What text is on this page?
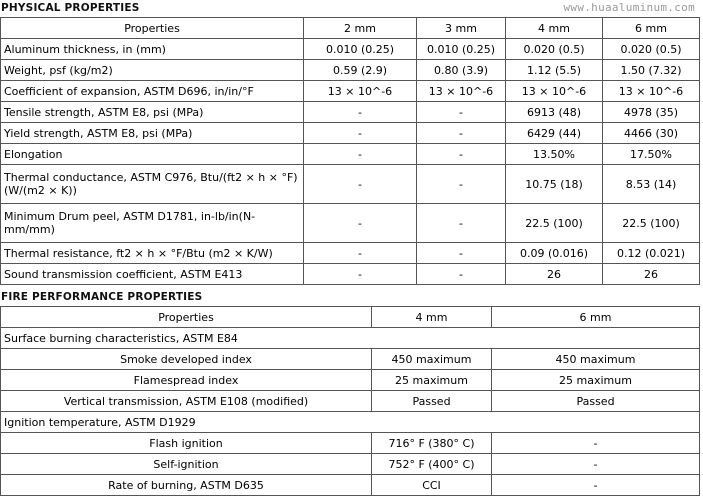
PHYSICAL PROPERTIES	www.huaaluminum.com
Properties	2 mm	3 mm	4 mm	6 mm
Aluminum thickness, in (mm)	0.010 (0.25)	0.010 (0.25)	0.020 (0.5)	0.020 (0.5)
Weight, psf (kg/m2)	0.59 (2.9)	0.80 (3.9)	1.12 (5.5)	1.50 (7.32)
Coefficient of expansion, ASTM D696, in/in/°F	13 × 10^-6	13 × 10^-6	13 × 10^-6	13 × 10^-6
Tensile strength, ASTM E8, psi (MPa)	-	-	6913 (48)	4978 (35)
Yield strength, ASTM E8, psi (MPa)	-	-	6429 (44)	4466 (30)
Elongation	-	-	13.50%	17.50%
Thermal conductance, ASTM C976, Btu/(ft2 × h × °F) (W/(m2 × K))	-	-	10.75 (18)	8.53 (14)
Minimum Drum peel, ASTM D1781, in-lb/in(N-mm/mm)	-	-	22.5 (100)	22.5 (100)
Thermal resistance, ft2 × h × °F/Btu (m2 × K/W)	-	-	0.09 (0.016)	0.12 (0.021)
Sound transmission coefficient, ASTM E413	-	-	26	26
FIRE PERFORMANCE PROPERTIES
Properties	4 mm	6 mm
Surface burning characteristics, ASTM E84		
Smoke developed index	450 maximum	450 maximum
Flamespread index	25 maximum	25 maximum
Vertical transmission, ASTM E108 (modified)	Passed	Passed
Ignition temperature, ASTM D1929		
Flash ignition	716° F (380° C)	-
Self-ignition	752° F (400° C)	-
Rate of burning, ASTM D635	CCI	-
